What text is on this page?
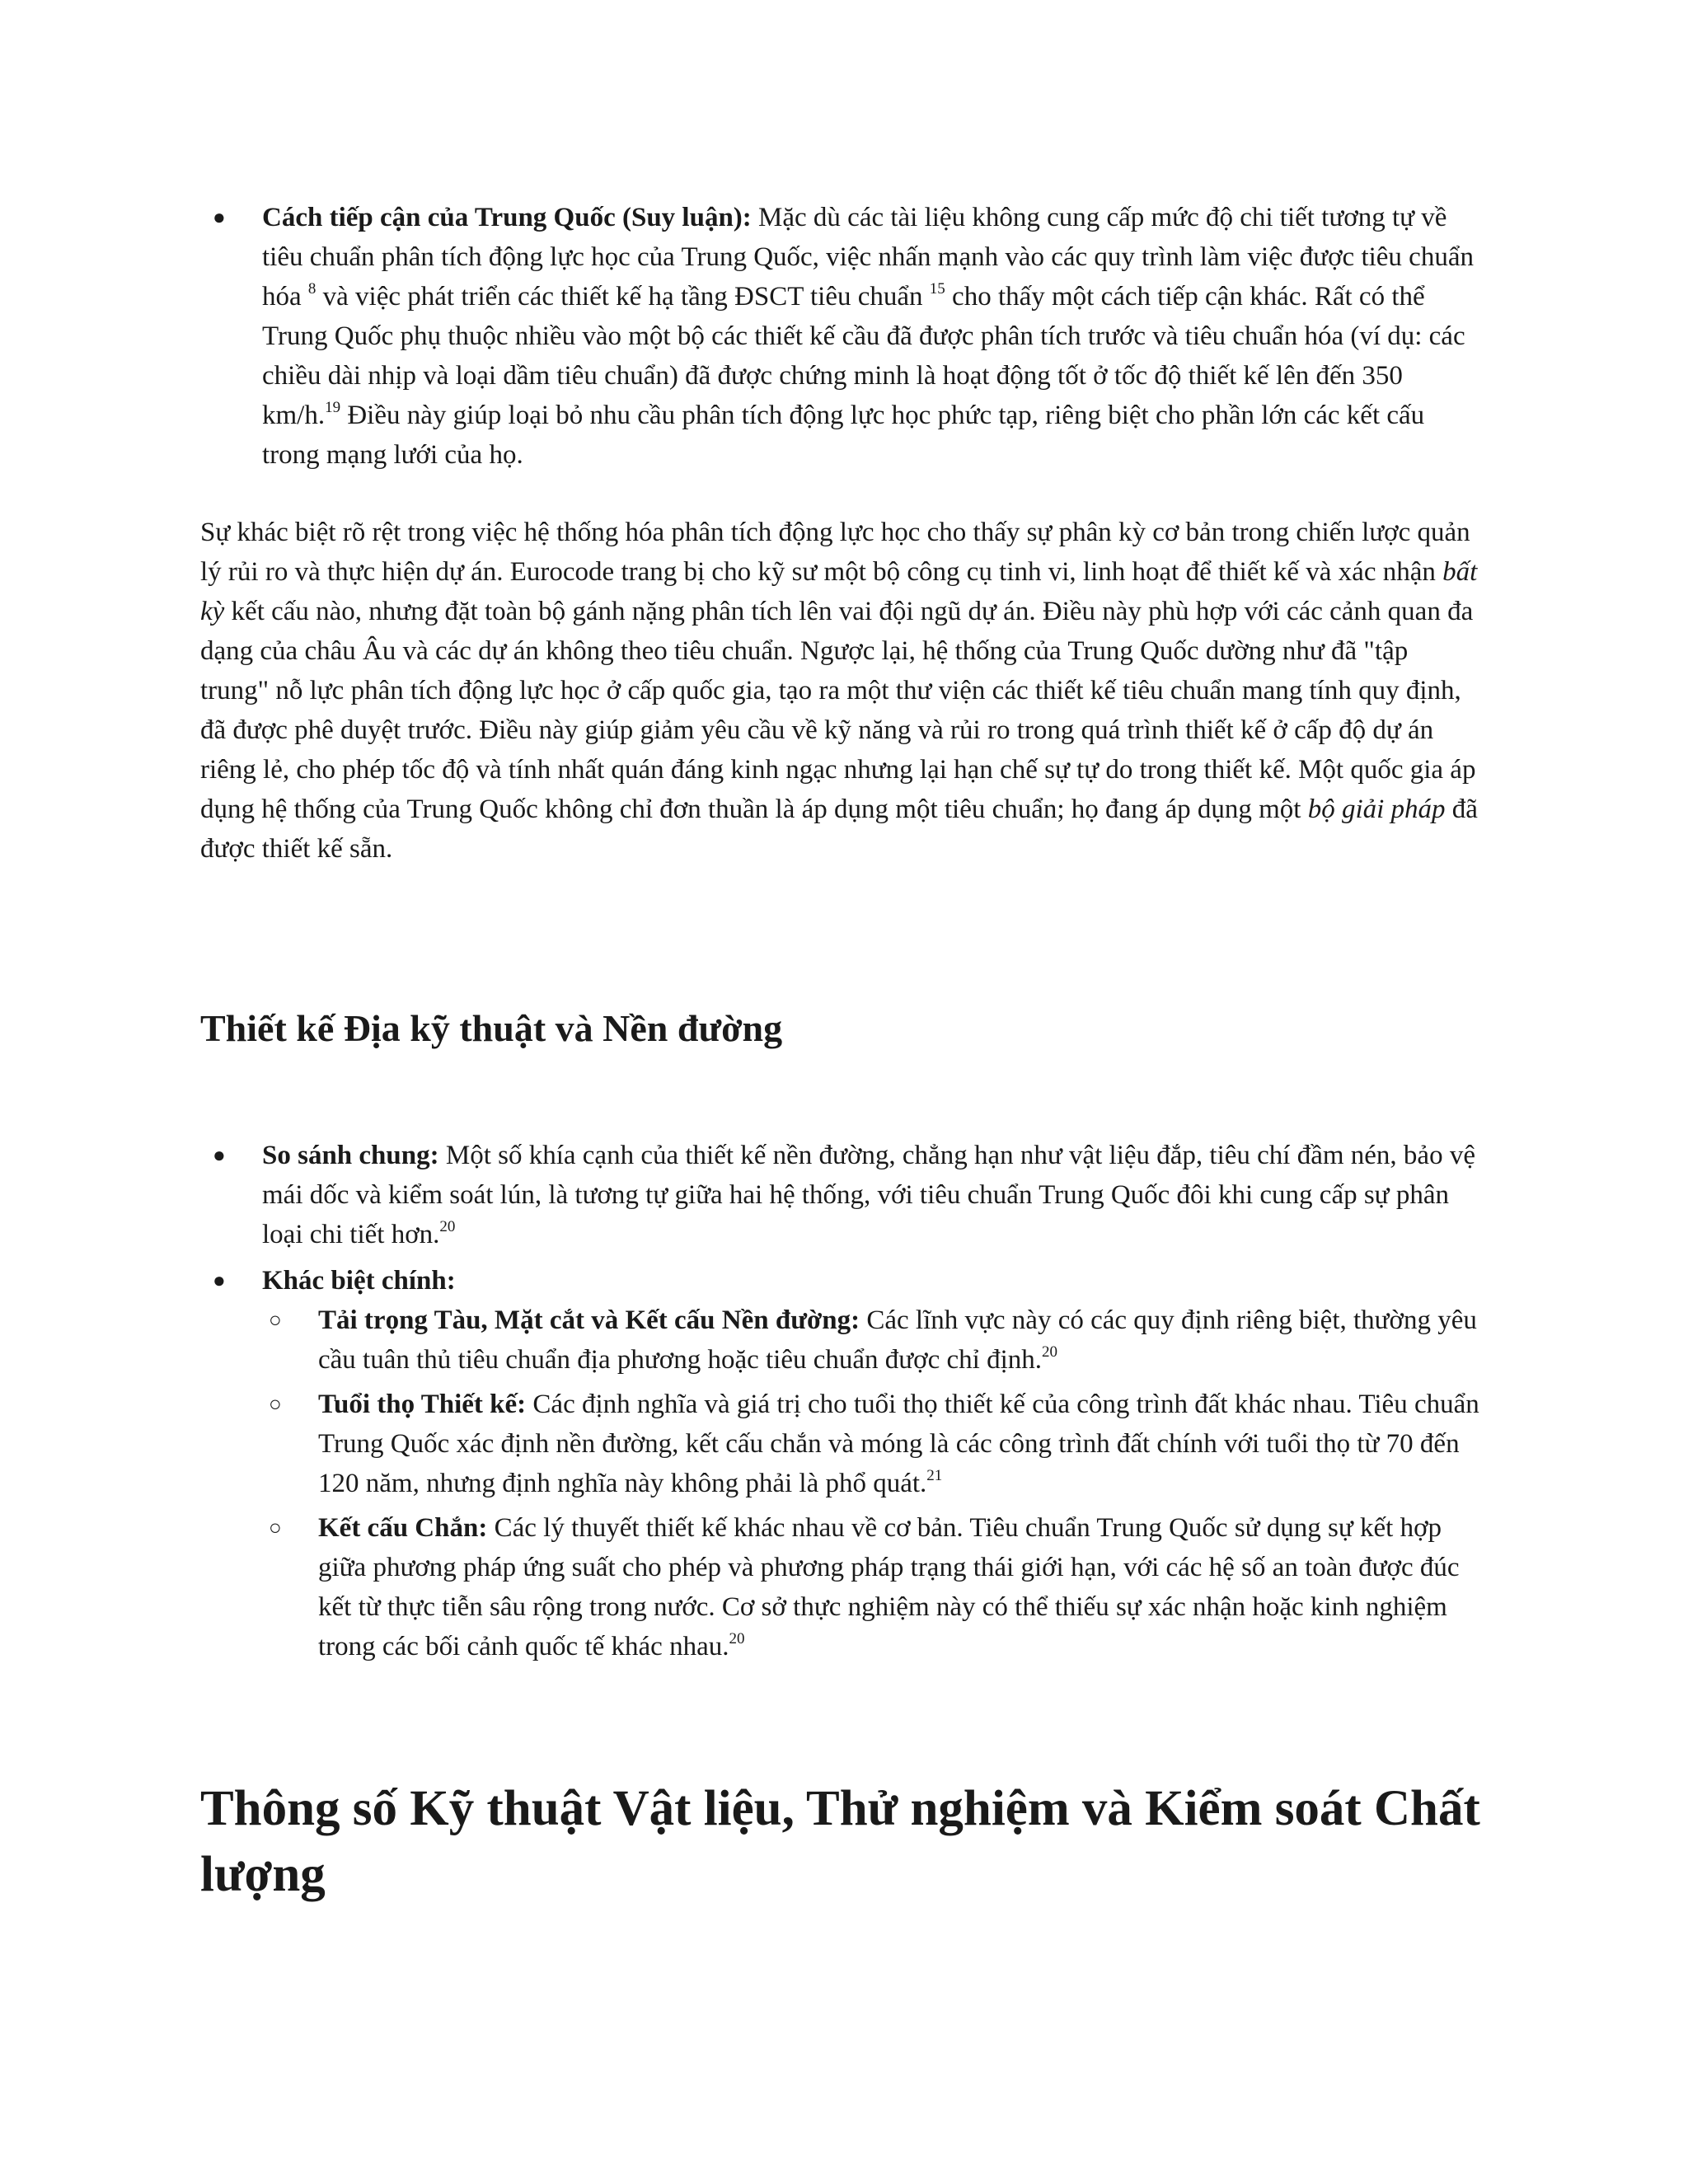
● Cách tiếp cận của Trung Quốc (Suy luận): Mặc dù các tài liệu không cung cấp mức độ chi tiết tương tự về tiêu chuẩn phân tích động lực học của Trung Quốc, việc nhấn mạnh vào các quy trình làm việc được tiêu chuẩn hóa $^8$ và việc phát triển các thiết kế hạ tầng ĐSCT tiêu chuẩn $^{15}$ cho thấy một cách tiếp cận khác. Rất có thể Trung Quốc phụ thuộc nhiều vào một bộ các thiết kế cầu đã được phân tích trước và tiêu chuẩn hóa (ví dụ: các chiều dài nhịp và loại dầm tiêu chuẩn) đã được chứng minh là hoạt động tốt ở tốc độ thiết kế lên đến 350 km/h.$^{19}$ Điều này giúp loại bỏ nhu cầu phân tích động lực học phức tạp, riêng biệt cho phần lớn các kết cấu trong mạng lưới của họ.
Sự khác biệt rõ rệt trong việc hệ thống hóa phân tích động lực học cho thấy sự phân kỳ cơ bản trong chiến lược quản lý rủi ro và thực hiện dự án. Eurocode trang bị cho kỹ sư một bộ công cụ tinh vi, linh hoạt để thiết kế và xác nhận bất kỳ kết cấu nào, nhưng đặt toàn bộ gánh nặng phân tích lên vai đội ngũ dự án. Điều này phù hợp với các cảnh quan đa dạng của châu Âu và các dự án không theo tiêu chuẩn. Ngược lại, hệ thống của Trung Quốc dường như đã "tập trung" nỗ lực phân tích động lực học ở cấp quốc gia, tạo ra một thư viện các thiết kế tiêu chuẩn mang tính quy định, đã được phê duyệt trước. Điều này giúp giảm yêu cầu về kỹ năng và rủi ro trong quá trình thiết kế ở cấp độ dự án riêng lẻ, cho phép tốc độ và tính nhất quán đáng kinh ngạc nhưng lại hạn chế sự tự do trong thiết kế. Một quốc gia áp dụng hệ thống của Trung Quốc không chỉ đơn thuần là áp dụng một tiêu chuẩn; họ đang áp dụng một bộ giải pháp đã được thiết kế sẵn.
Thiết kế Địa kỹ thuật và Nền đường
● So sánh chung: Một số khía cạnh của thiết kế nền đường, chẳng hạn như vật liệu đắp, tiêu chí đầm nén, bảo vệ mái dốc và kiểm soát lún, là tương tự giữa hai hệ thống, với tiêu chuẩn Trung Quốc đôi khi cung cấp sự phân loại chi tiết hơn.$^{20}$
● Khác biệt chính:
○ Tải trọng Tàu, Mặt cắt và Kết cấu Nền đường: Các lĩnh vực này có các quy định riêng biệt, thường yêu cầu tuân thủ tiêu chuẩn địa phương hoặc tiêu chuẩn được chỉ định.$^{20}$
○ Tuổi thọ Thiết kế: Các định nghĩa và giá trị cho tuổi thọ thiết kế của công trình đất khác nhau. Tiêu chuẩn Trung Quốc xác định nền đường, kết cấu chắn và móng là các công trình đất chính với tuổi thọ từ 70 đến 120 năm, nhưng định nghĩa này không phải là phổ quát.$^{21}$
○ Kết cấu Chắn: Các lý thuyết thiết kế khác nhau về cơ bản. Tiêu chuẩn Trung Quốc sử dụng sự kết hợp giữa phương pháp ứng suất cho phép và phương pháp trạng thái giới hạn, với các hệ số an toàn được đúc kết từ thực tiễn sâu rộng trong nước. Cơ sở thực nghiệm này có thể thiếu sự xác nhận hoặc kinh nghiệm trong các bối cảnh quốc tế khác nhau.$^{20}$
Thông số Kỹ thuật Vật liệu, Thử nghiệm và Kiểm soát Chất lượng
